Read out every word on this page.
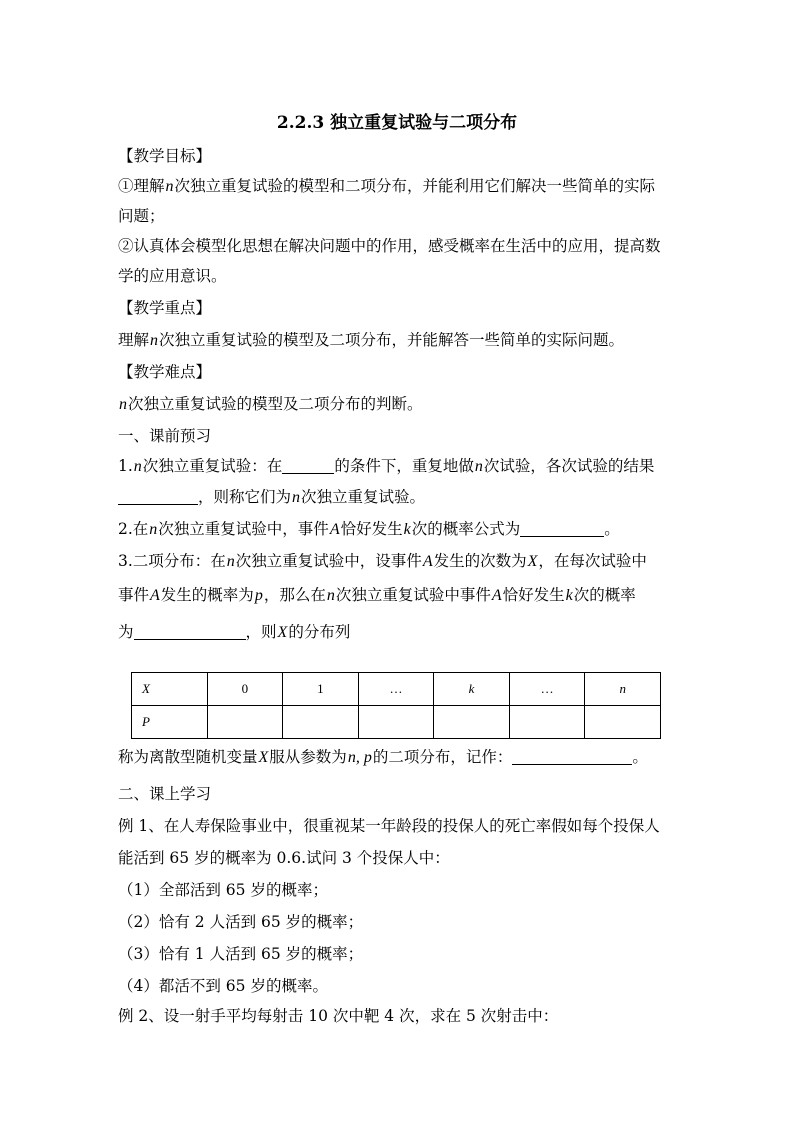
2.2.3 独立重复试验与二项分布
【教学目标】
①理解n次独立重复试验的模型和二项分布，并能利用它们解决一些简单的实际
问题；
②认真体会模型化思想在解决问题中的作用，感受概率在生活中的应用，提高数
学的应用意识。
【教学重点】
理解n次独立重复试验的模型及二项分布，并能解答一些简单的实际问题。
【教学难点】
n次独立重复试验的模型及二项分布的判断。
一、课前预习
1.n次独立重复试验：在	的条件下，重复地做n次试验，各次试验的结果
，则称它们为n次独立重复试验。
2.在n次独立重复试验中，事件A恰好发生k次的概率公式为	。
3.二项分布：在n次独立重复试验中，设事件A发生的次数为X，在每次试验中
事件A发生的概率为p，那么在n次独立重复试验中事件A恰好发生k次的概率
为	，则X的分布列
X	0	1	…	k	…	n
P						
称为离散型随机变量X服从参数为n, p的二项分布，记作：	。
二、课上学习
例 1、在人寿保险事业中，很重视某一年龄段的投保人的死亡率假如每个投保人
能活到 65 岁的概率为 0.6.试问 3 个投保人中：
（1）全部活到 65 岁的概率；
（2）恰有 2 人活到 65 岁的概率；
（3）恰有 1 人活到 65 岁的概率；
（4）都活不到 65 岁的概率。
例 2、设一射手平均每射击 10 次中靶 4 次，求在 5 次射击中：
